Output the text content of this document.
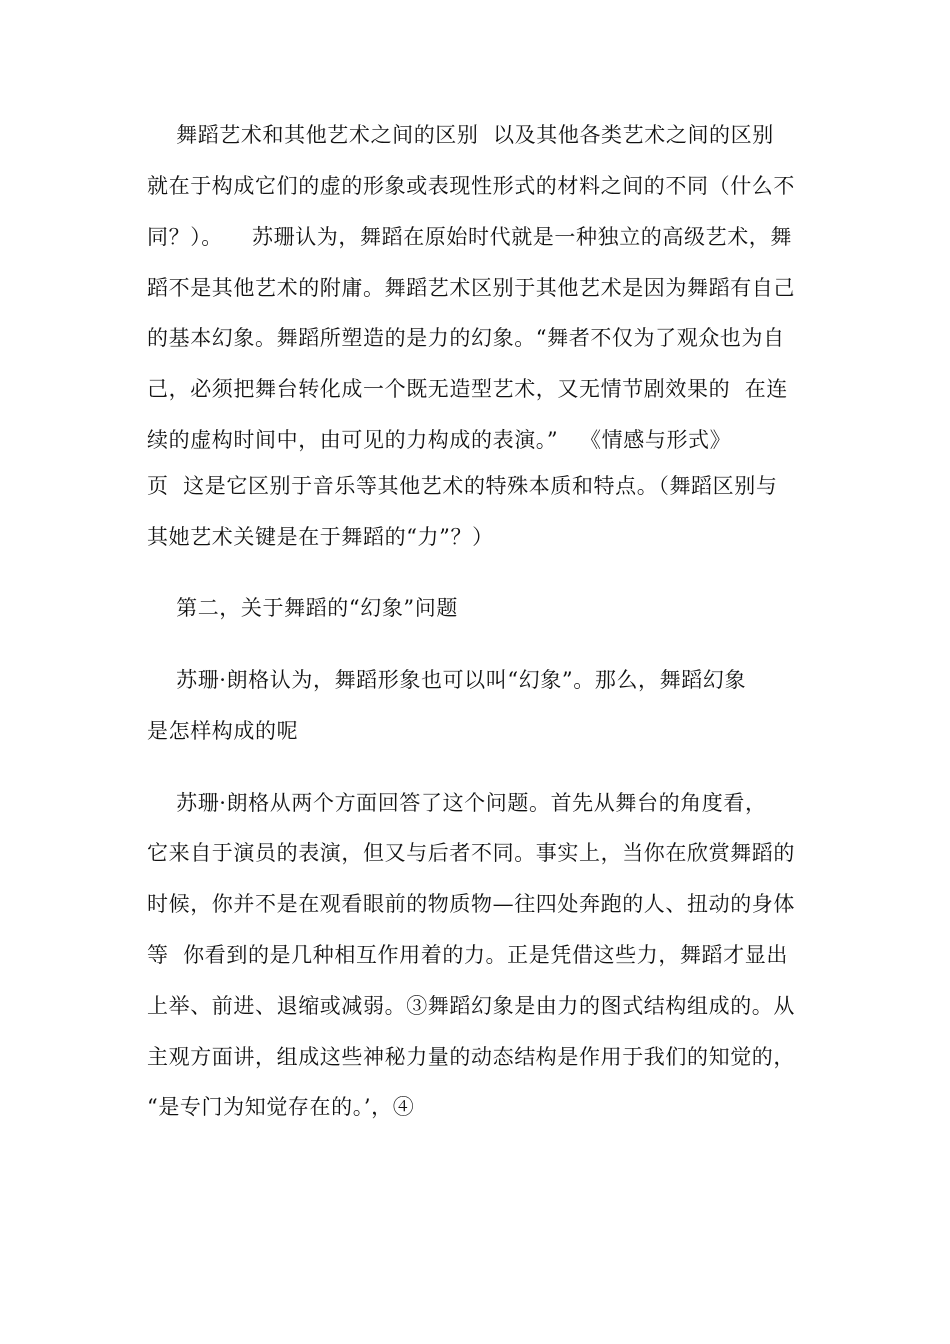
舞蹈艺术和其他艺术之间的区别  以及其他各类艺术之间的区别
就在于构成它们的虚的形象或表现性形式的材料之间的不同（什么不
同？）。    苏珊认为，舞蹈在原始时代就是一种独立的高级艺术，舞
蹈不是其他艺术的附庸。舞蹈艺术区别于其他艺术是因为舞蹈有自己
的基本幻象。舞蹈所塑造的是力的幻象。“舞者不仅为了观众也为自
己，必须把舞台转化成一个既无造型艺术，又无情节剧效果的  在连
续的虚构时间中，由可见的力构成的表演。”   《情感与形式》
页  这是它区别于音乐等其他艺术的特殊本质和特点。（舞蹈区别与
其她艺术关键是在于舞蹈的“力”？）
第二，关于舞蹈的“幻象”问题
苏珊·朗格认为，舞蹈形象也可以叫“幻象”。那么，舞蹈幻象
是怎样构成的呢
苏珊·朗格从两个方面回答了这个问题。首先从舞台的角度看，
它来自于演员的表演，但又与后者不同。事实上，当你在欣赏舞蹈的
时候，你并不是在观看眼前的物质物—往四处奔跑的人、扭动的身体
等  你看到的是几种相互作用着的力。正是凭借这些力，舞蹈才显出
上举、前进、退缩或减弱。③舞蹈幻象是由力的图式结构组成的。从
主观方面讲，组成这些神秘力量的动态结构是作用于我们的知觉的，
“是专门为知觉存在的。’，④
